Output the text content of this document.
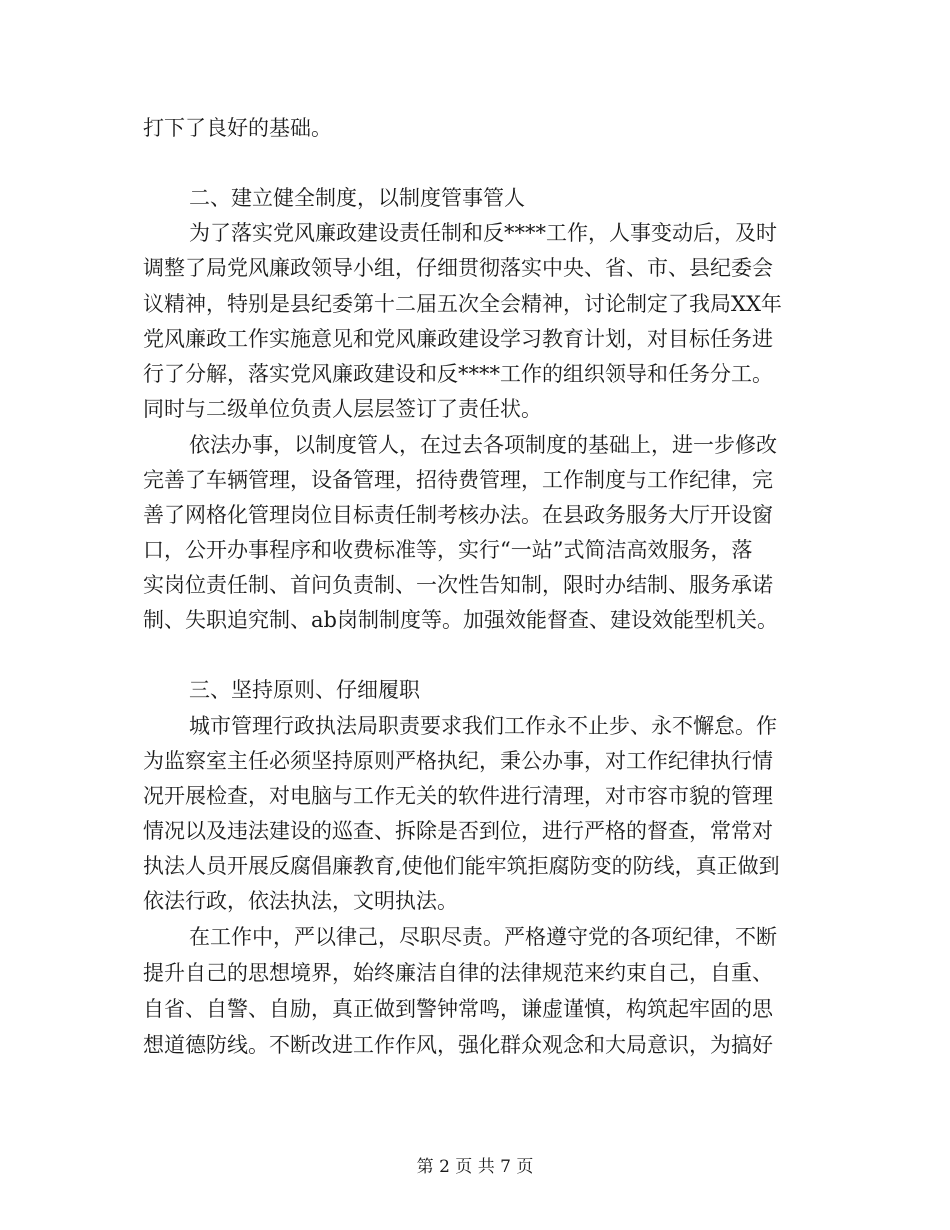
打下了良好的基础。
二、建立健全制度，以制度管事管人
为了落实党风廉政建设责任制和反****工作，人事变动后，及时
调整了局党风廉政领导小组，仔细贯彻落实中央、省、市、县纪委会
议精神，特别是县纪委第十二届五次全会精神，讨论制定了我局XX年
党风廉政工作实施意见和党风廉政建设学习教育计划，对目标任务进
行了分解，落实党风廉政建设和反****工作的组织领导和任务分工。
同时与二级单位负责人层层签订了责任状。
依法办事，以制度管人，在过去各项制度的基础上，进一步修改
完善了车辆管理，设备管理，招待费管理，工作制度与工作纪律，完
善了网格化管理岗位目标责任制考核办法。在县政务服务大厅开设窗
口，公开办事程序和收费标准等，实行“一站”式简洁高效服务，落
实岗位责任制、首问负责制、一次性告知制，限时办结制、服务承诺
制、失职追究制、ab岗制制度等。加强效能督查、建设效能型机关。
三、坚持原则、仔细履职
城市管理行政执法局职责要求我们工作永不止步、永不懈怠。作
为监察室主任必须坚持原则严格执纪，秉公办事，对工作纪律执行情
况开展检查，对电脑与工作无关的软件进行清理，对市容市貌的管理
情况以及违法建设的巡查、拆除是否到位，进行严格的督查，常常对
执法人员开展反腐倡廉教育,使他们能牢筑拒腐防变的防线，真正做到
依法行政，依法执法，文明执法。
在工作中，严以律己，尽职尽责。严格遵守党的各项纪律，不断
提升自己的思想境界，始终廉洁自律的法律规范来约束自己，自重、
自省、自警、自励，真正做到警钟常鸣，谦虚谨慎，构筑起牢固的思
想道德防线。不断改进工作作风，强化群众观念和大局意识，为搞好
第 2 页 共 7 页
